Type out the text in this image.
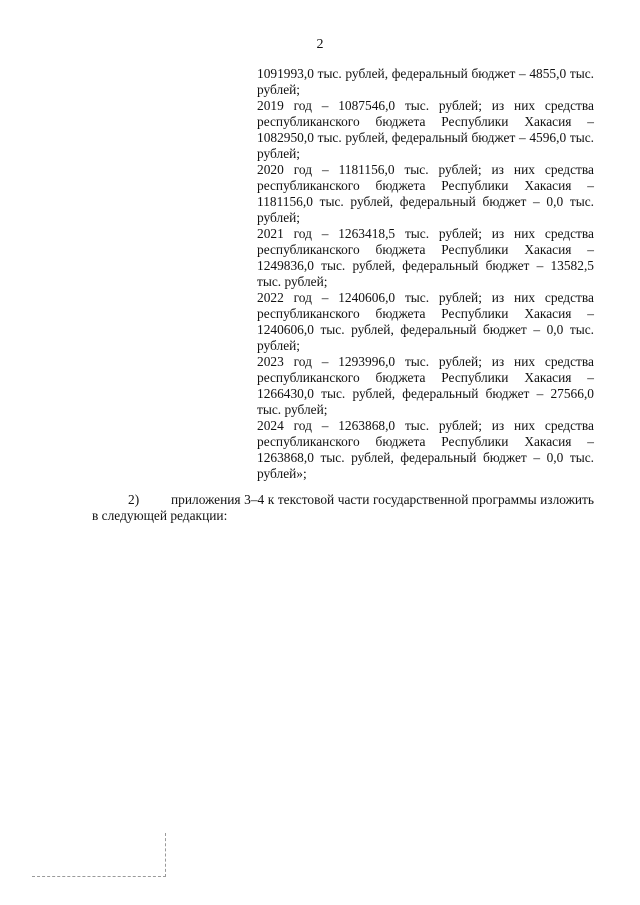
2

1091993,0 тыс. рублей, федеральный бюджет – 4855,0 тыс. рублей;

2019 год – 1087546,0 тыс. рублей; из них средства республиканского бюджета Республики Хакасия – 1082950,0 тыс. рублей, федеральный бюджет – 4596,0 тыс. рублей;

2020 год – 1181156,0 тыс. рублей; из них средства республиканского бюджета Республики Хакасия – 1181156,0 тыс. рублей, федеральный бюджет – 0,0 тыс. рублей;

2021 год – 1263418,5 тыс. рублей; из них средства республиканского бюджета Республики Хакасия – 1249836,0 тыс. рублей, федеральный бюджет – 13582,5 тыс. рублей;

2022 год – 1240606,0 тыс. рублей; из них средства республиканского бюджета Республики Хакасия – 1240606,0 тыс. рублей, федеральный бюджет – 0,0 тыс. рублей;

2023 год – 1293996,0 тыс. рублей; из них средства республиканского бюджета Республики Хакасия – 1266430,0 тыс. рублей, федеральный бюджет – 27566,0 тыс. рублей;

2024 год – 1263868,0 тыс. рублей; из них средства республиканского бюджета Республики Хакасия – 1263868,0 тыс. рублей, федеральный бюджет – 0,0 тыс. рублей»;

2) приложения 3–4 к текстовой части государственной программы изложить в следующей редакции:
